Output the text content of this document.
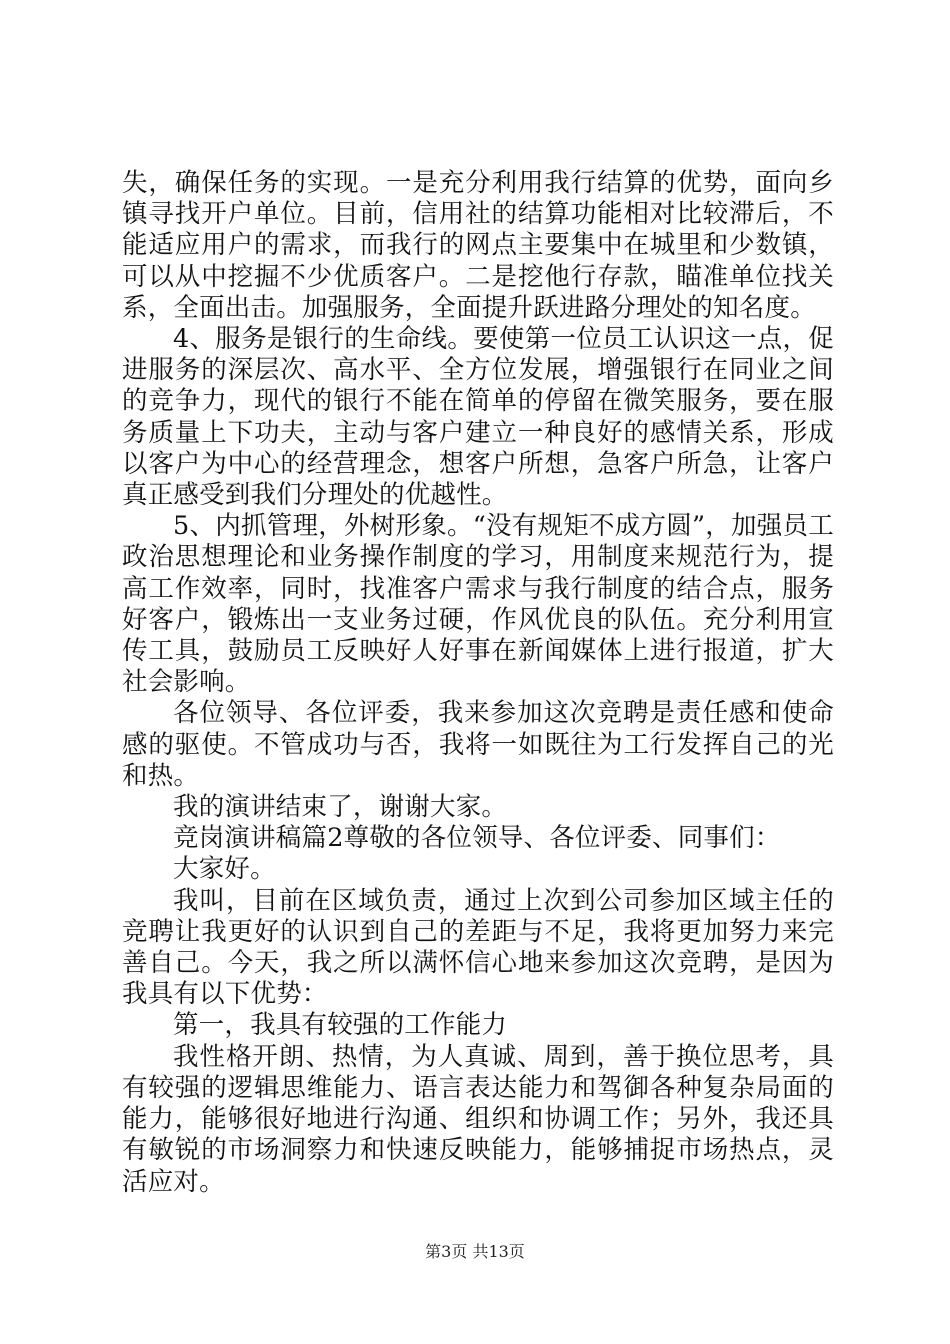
失，确保任务的实现。一是充分利用我行结算的优势，面向乡镇寻找开户单位。目前，信用社的结算功能相对比较滞后，不能适应用户的需求，而我行的网点主要集中在城里和少数镇，可以从中挖掘不少优质客户。二是挖他行存款，瞄准单位找关系，全面出击。加强服务，全面提升跃进路分理处的知名度。

4、服务是银行的生命线。要使第一位员工认识这一点，促进服务的深层次、高水平、全方位发展，增强银行在同业之间的竞争力，现代的银行不能在简单的停留在微笑服务，要在服务质量上下功夫，主动与客户建立一种良好的感情关系，形成以客户为中心的经营理念，想客户所想，急客户所急，让客户真正感受到我们分理处的优越性。

5、内抓管理，外树形象。“没有规矩不成方圆”，加强员工政治思想理论和业务操作制度的学习，用制度来规范行为，提高工作效率，同时，找准客户需求与我行制度的结合点，服务好客户，锻炼出一支业务过硬，作风优良的队伍。充分利用宣传工具，鼓励员工反映好人好事在新闻媒体上进行报道，扩大社会影响。

各位领导、各位评委，我来参加这次竞聘是责任感和使命感的驱使。不管成功与否，我将一如既往为工行发挥自己的光和热。

我的演讲结束了，谢谢大家。

竞岗演讲稿篇2尊敬的各位领导、各位评委、同事们：

大家好。

我叫，目前在区域负责，通过上次到公司参加区域主任的竞聘让我更好的认识到自己的差距与不足，我将更加努力来完善自己。今天，我之所以满怀信心地来参加这次竞聘，是因为我具有以下优势：

第一，我具有较强的工作能力

我性格开朗、热情，为人真诚、周到，善于换位思考，具有较强的逻辑思维能力、语言表达能力和驾御各种复杂局面的能力，能够很好地进行沟通、组织和协调工作；另外，我还具有敏锐的市场洞察力和快速反映能力，能够捕捉市场热点，灵活应对。

第3页 共13页
